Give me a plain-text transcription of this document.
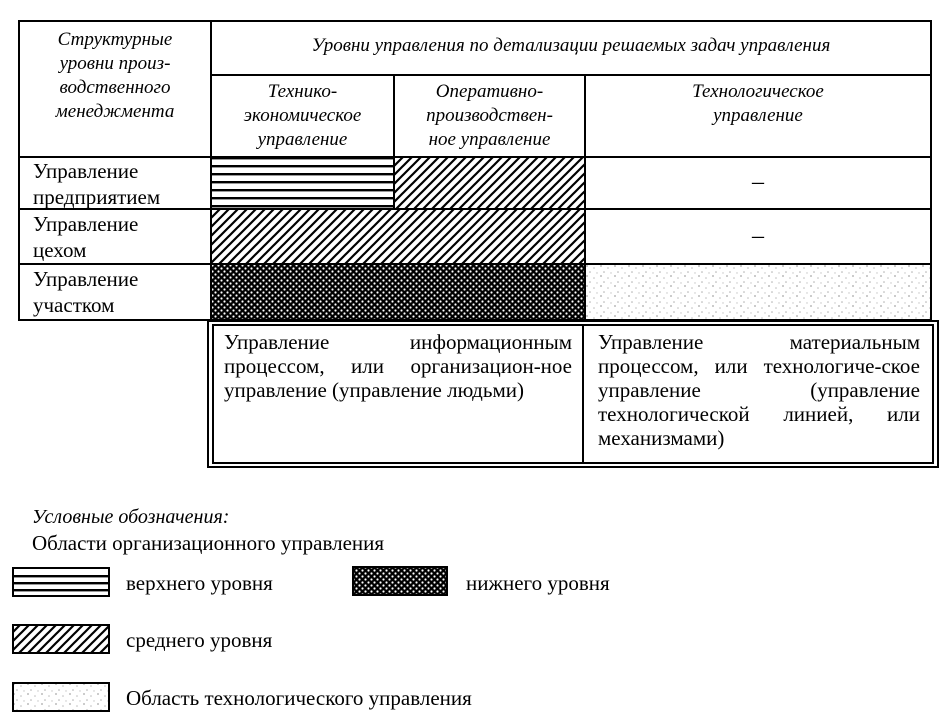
Структурные
уровни произ-
водственного
менеджмента
Уровни управления по детализации решаемых задач управления
Технико-
экономическое
управление
Оперативно-
производствен-
ное управление
Технологическое
управление
Управление
предприятием
Управление
цехом
Управление
участком
–
–
Управление информационным процессом, или организацион-ное управление (управление людьми)
Управление материальным процессом, или технологиче-ское управление (управление технологической линией, или механизмами)
Условные обозначения:
Области организационного управления
верхнего уровня	нижнего уровня
среднего уровня
Область технологического управления
